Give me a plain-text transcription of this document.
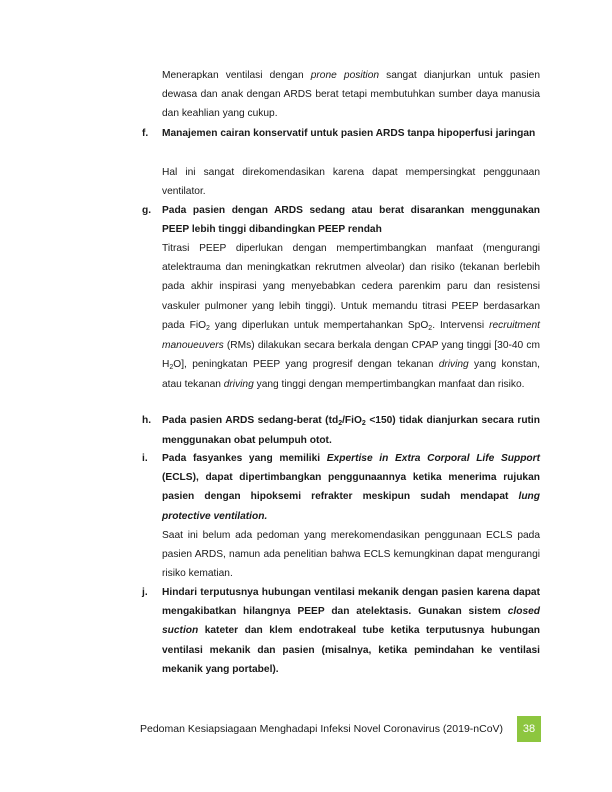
Menerapkan ventilasi dengan prone position sangat dianjurkan untuk pasien dewasa dan anak dengan ARDS berat tetapi membutuhkan sumber daya manusia dan keahlian yang cukup.

f. Manajemen cairan konservatif untuk pasien ARDS tanpa hipoperfusi jaringan

Hal ini sangat direkomendasikan karena dapat mempersingkat penggunaan ventilator.

g. Pada pasien dengan ARDS sedang atau berat disarankan menggunakan PEEP lebih tinggi dibandingkan PEEP rendah

Titrasi PEEP diperlukan dengan mempertimbangkan manfaat (mengurangi atelektrauma dan meningkatkan rekrutmen alveolar) dan risiko (tekanan berlebih pada akhir inspirasi yang menyebabkan cedera parenkim paru dan resistensi vaskuler pulmoner yang lebih tinggi). Untuk memandu titrasi PEEP berdasarkan pada FiO$_2$ yang diperlukan untuk mempertahankan SpO$_2$. Intervensi recruitment manoueuvers (RMs) dilakukan secara berkala dengan CPAP yang tinggi [30-40 cm $H_2O$], peningkatan PEEP yang progresif dengan tekanan driving yang konstan, atau tekanan driving yang tinggi dengan mempertimbangkan manfaat dan risiko.

h. Pada pasien ARDS sedang-berat $(td_2/FiO_2 <150)$ tidak dianjurkan secara rutin menggunakan obat pelumpuh otot.

i. Pada fasyankes yang memiliki Expertise in Extra Corporal Life Support (ECLS), dapat dipertimbangkan penggunaannya ketika menerima rujukan pasien dengan hipoksemi refrakter meskipun sudah mendapat lung protective ventilation.

Saat ini belum ada pedoman yang merekomendasikan penggunaan ECLS pada pasien ARDS, namun ada penelitian bahwa ECLS kemungkinan dapat mengurangi risiko kematian.

j. Hindari terputusnya hubungan ventilasi mekanik dengan pasien karena dapat mengakibatkan hilangnya PEEP dan atelektasis. Gunakan sistem closed suction kateter dan klem endotrakeal tube ketika terputusnya hubungan ventilasi mekanik dan pasien (misalnya, ketika pemindahan ke ventilasi mekanik yang portabel).

Pedoman Kesiapsiagaan Menghadapi Infeksi Novel Coronavirus (2019-nCoV)	38
